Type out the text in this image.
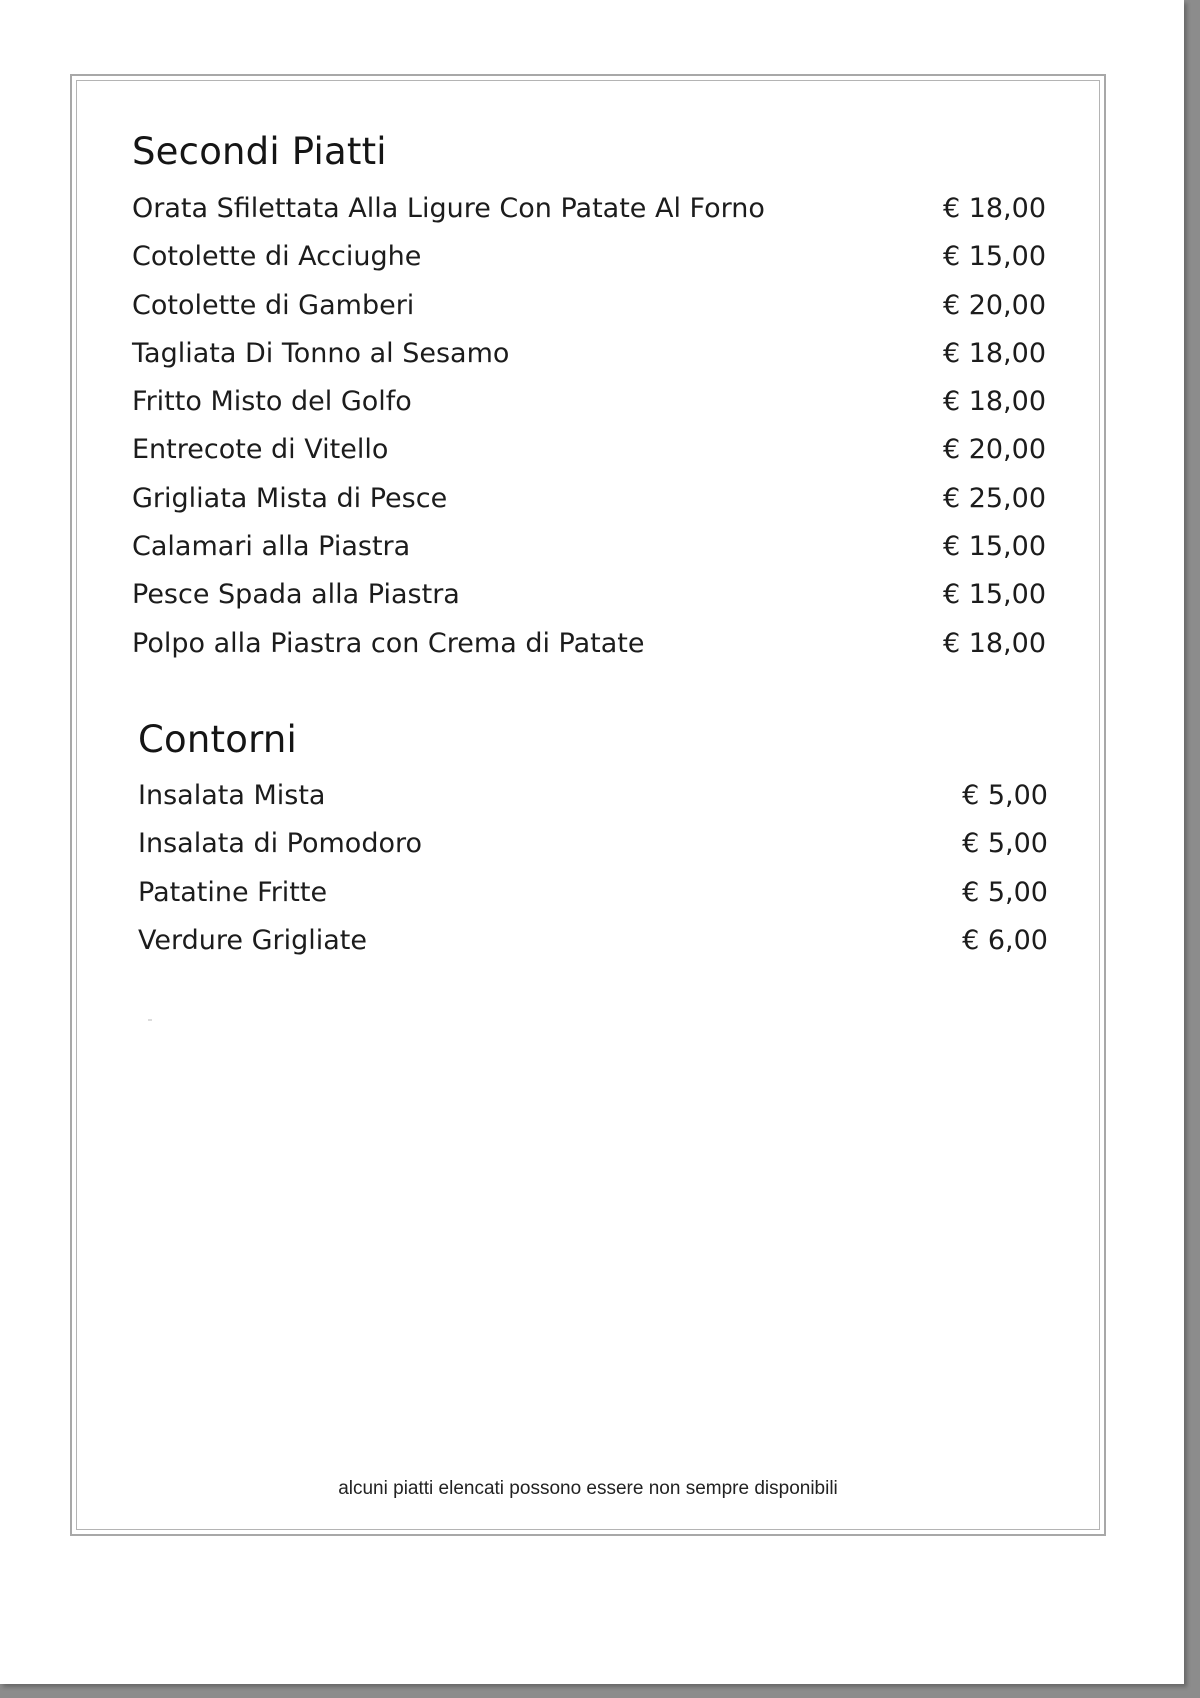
Secondi Piatti
Orata Sfilettata Alla Ligure Con Patate Al Forno	€ 18,00
Cotolette di Acciughe	€ 15,00
Cotolette di Gamberi	€ 20,00
Tagliata Di Tonno al Sesamo	€ 18,00
Fritto Misto del Golfo	€ 18,00
Entrecote di Vitello	€ 20,00
Grigliata Mista di Pesce	€ 25,00
Calamari alla Piastra	€ 15,00
Pesce Spada alla Piastra	€ 15,00
Polpo alla Piastra con Crema di Patate	€ 18,00
Contorni
Insalata Mista	€ 5,00
Insalata di Pomodoro	€ 5,00
Patatine Fritte	€ 5,00
Verdure Grigliate	€ 6,00
alcuni piatti elencati possono essere non sempre disponibili
